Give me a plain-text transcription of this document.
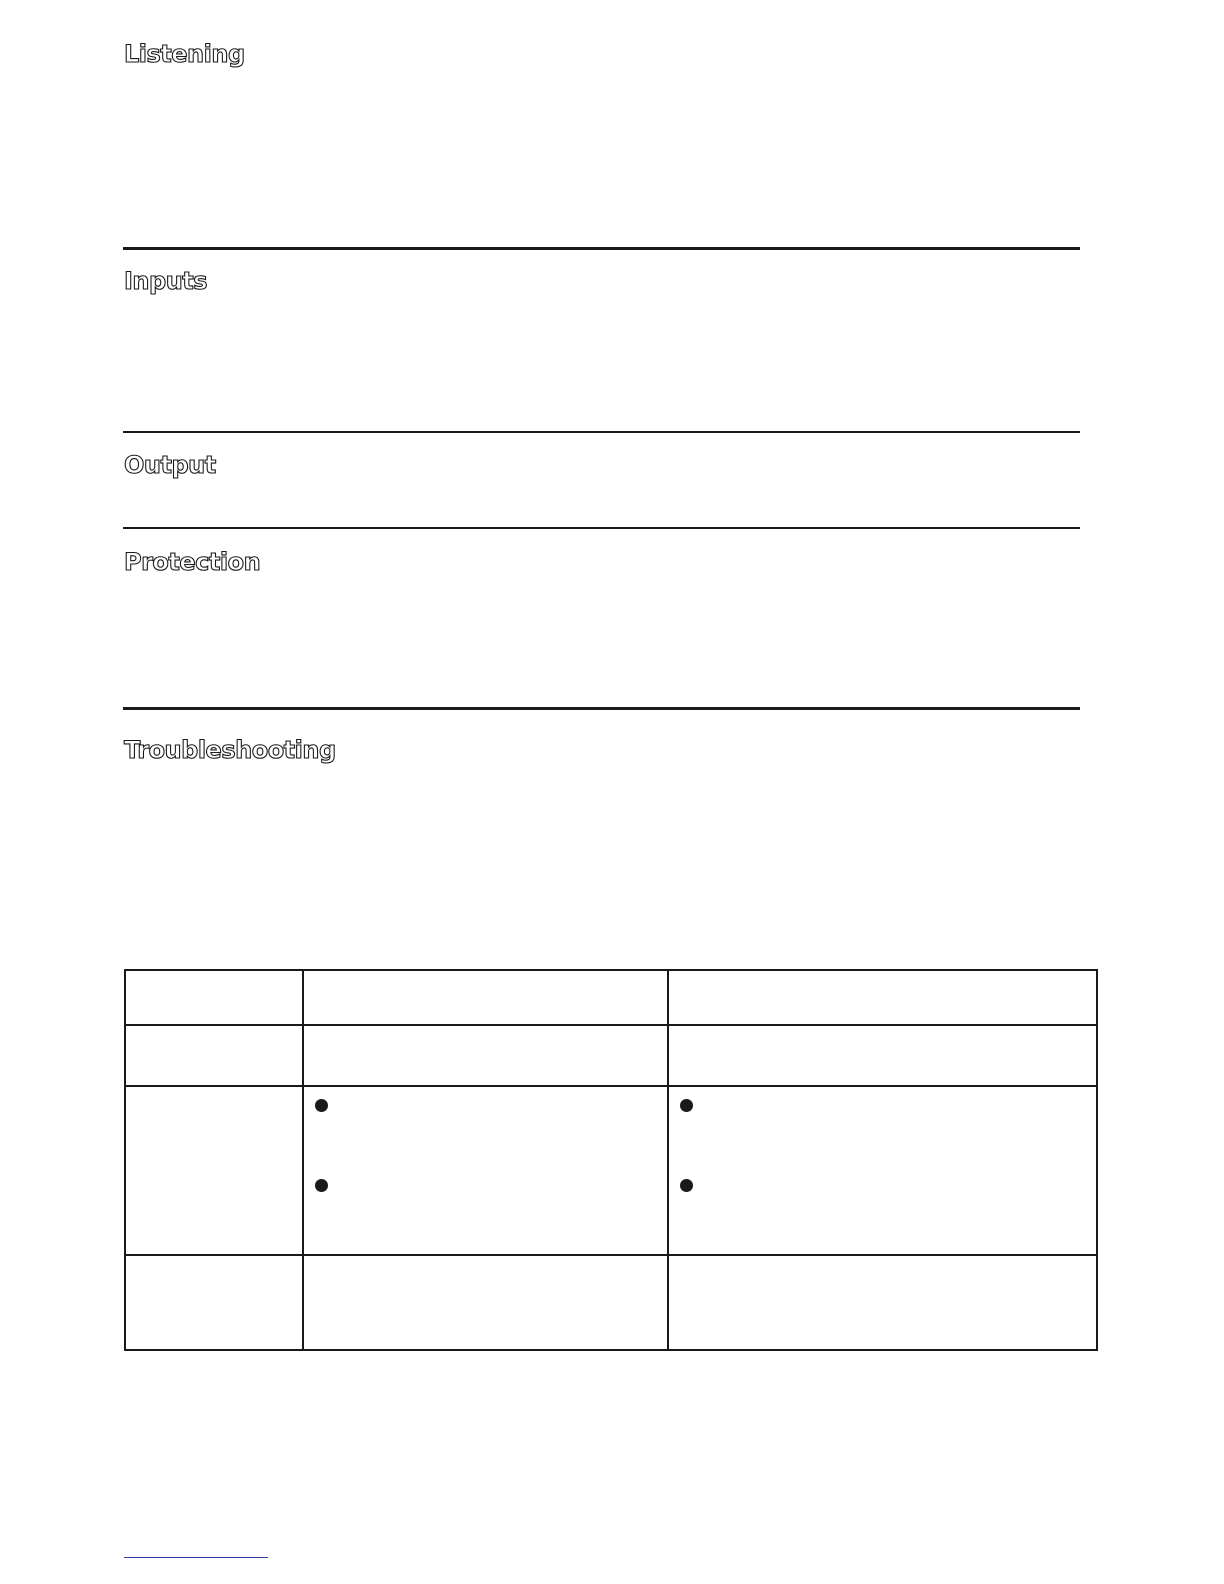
Listening
Inputs
Output
Protection
Troubleshooting
